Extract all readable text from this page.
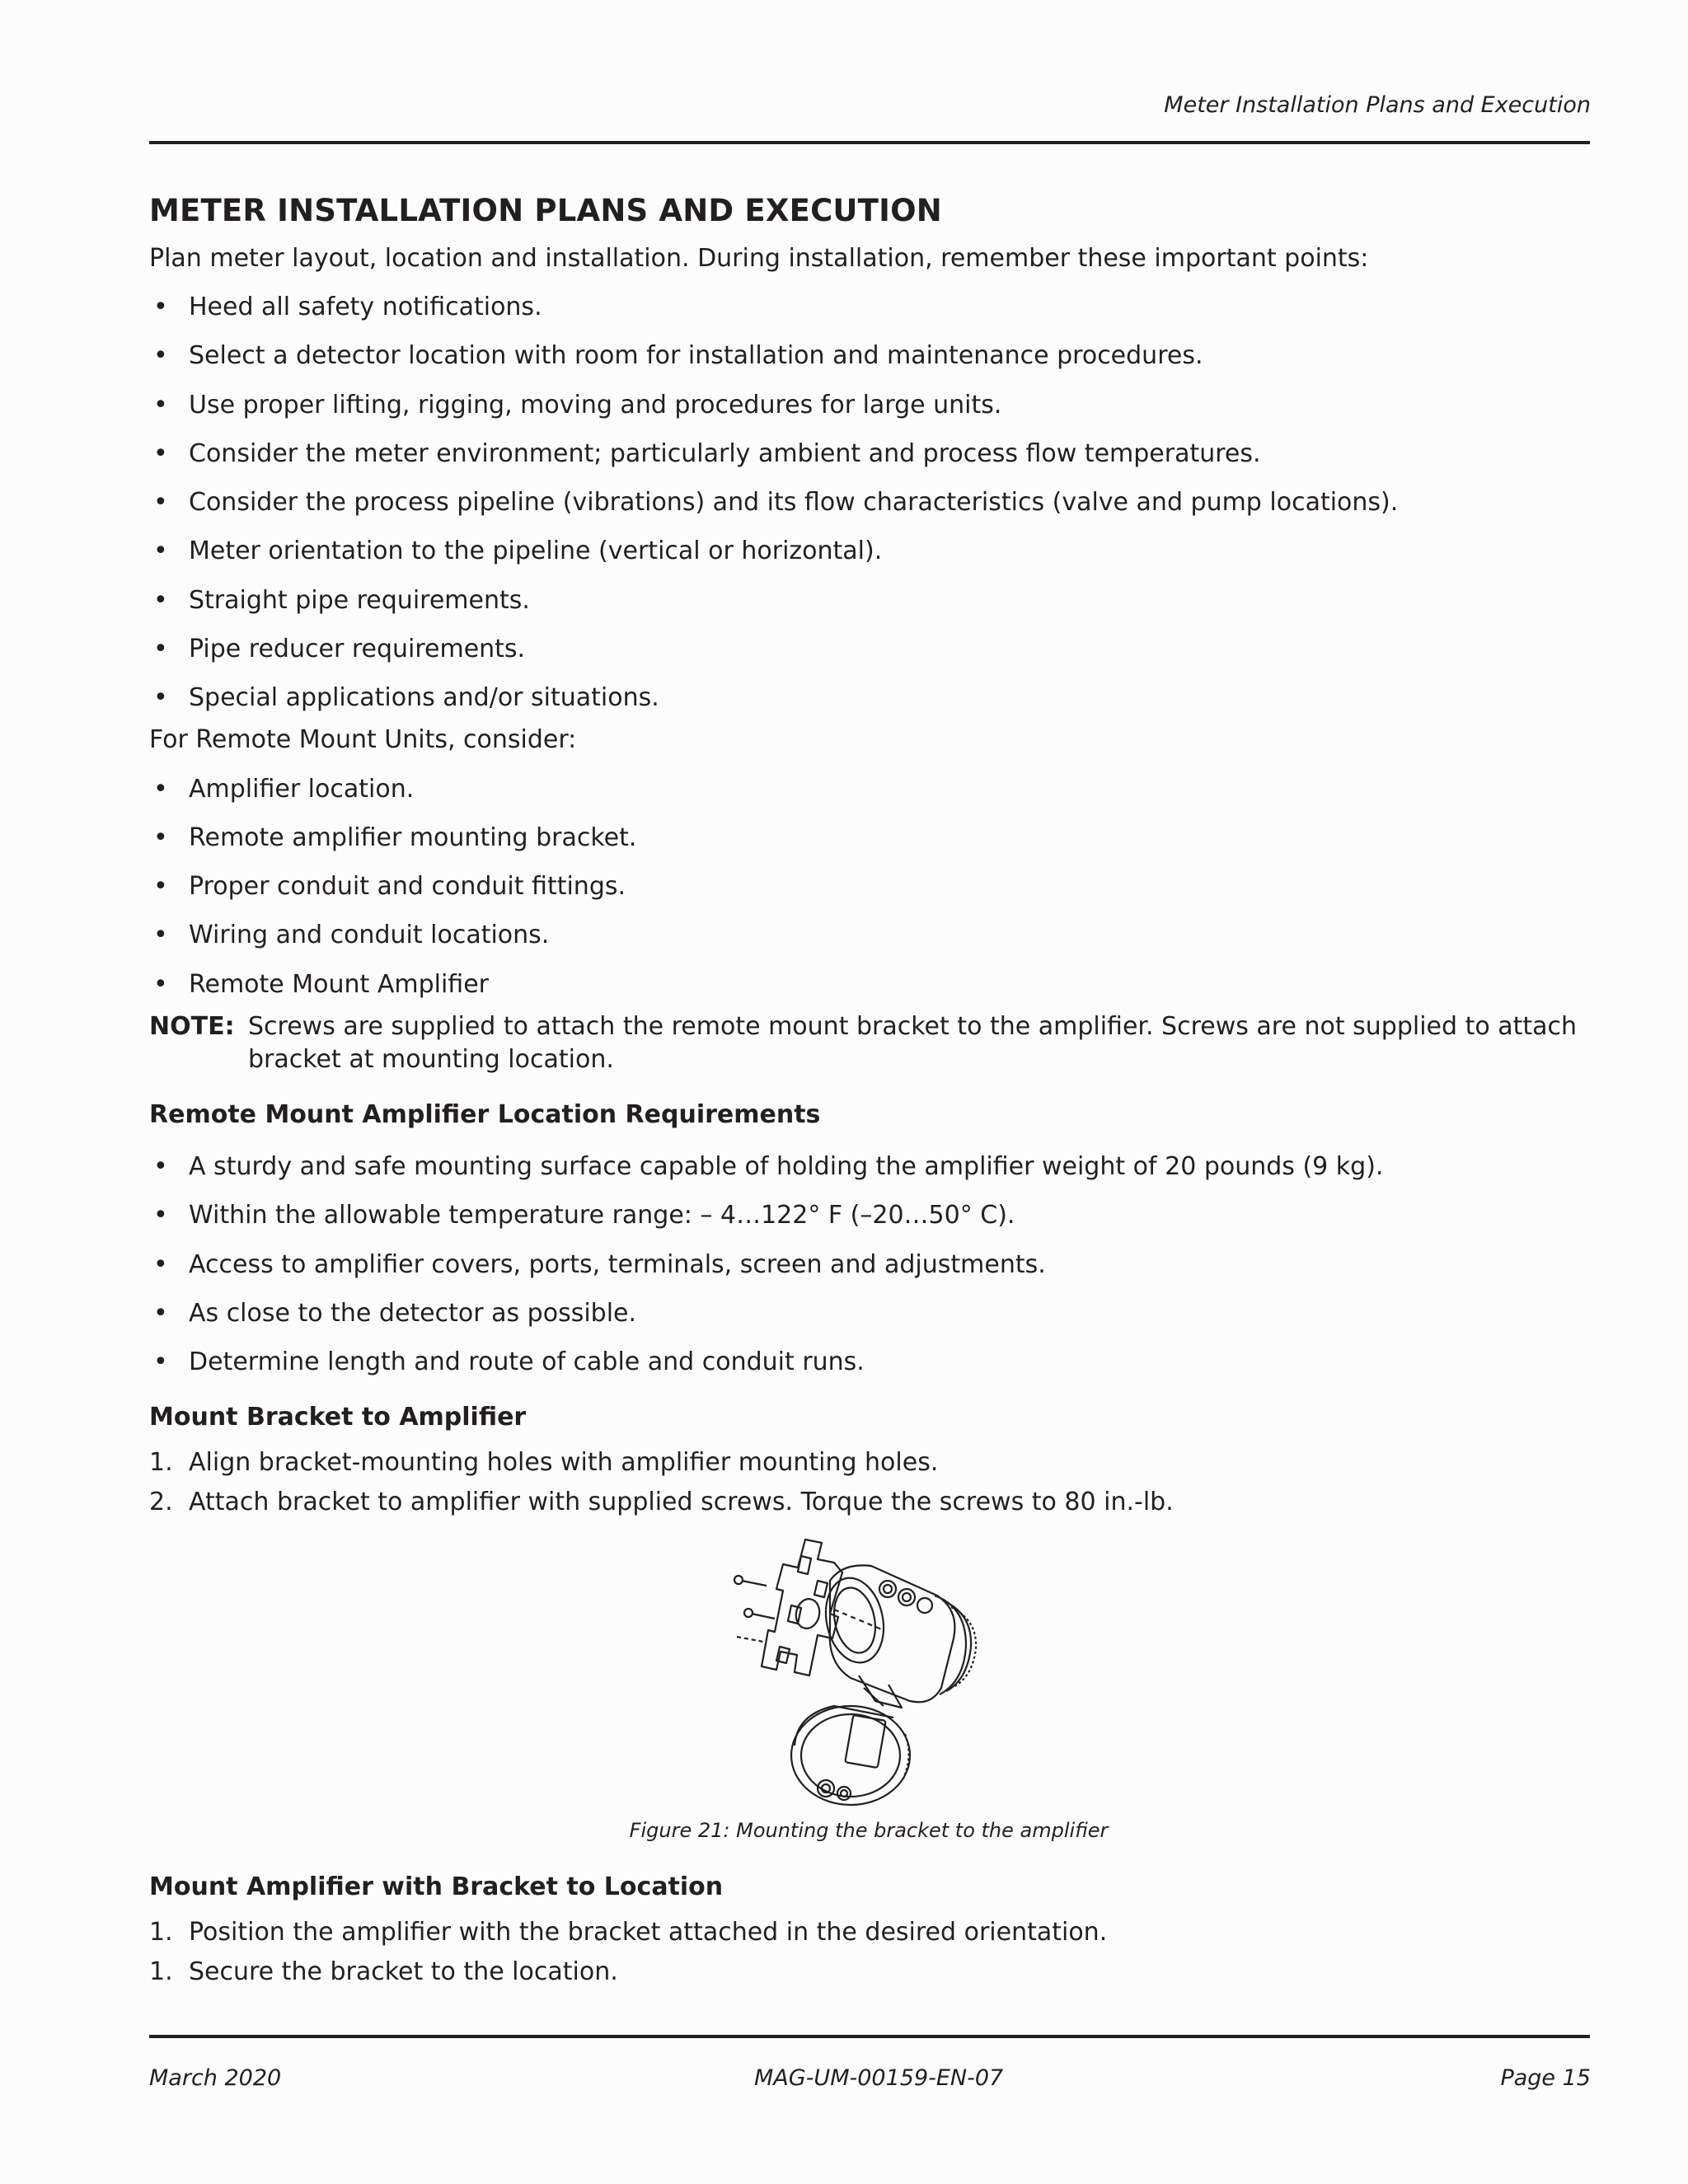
Meter Installation Plans and Execution

METER INSTALLATION PLANS AND EXECUTION

Plan meter layout, location and installation. During installation, remember these important points:

• Heed all safety notifications.
• Select a detector location with room for installation and maintenance procedures.
• Use proper lifting, rigging, moving and procedures for large units.
• Consider the meter environment; particularly ambient and process flow temperatures.
• Consider the process pipeline (vibrations) and its flow characteristics (valve and pump locations).
• Meter orientation to the pipeline (vertical or horizontal).
• Straight pipe requirements.
• Pipe reducer requirements.
• Special applications and/or situations.

For Remote Mount Units, consider:

• Amplifier location.
• Remote amplifier mounting bracket.
• Proper conduit and conduit fittings.
• Wiring and conduit locations.
• Remote Mount Amplifier

NOTE: Screws are supplied to attach the remote mount bracket to the amplifier. Screws are not supplied to attach bracket at mounting location.

Remote Mount Amplifier Location Requirements
• A sturdy and safe mounting surface capable of holding the amplifier weight of 20 pounds (9 kg).
• Within the allowable temperature range: – 4…122° F (–20…50° C).
• Access to amplifier covers, ports, terminals, screen and adjustments.
• As close to the detector as possible.
• Determine length and route of cable and conduit runs.
Mount Bracket to Amplifier
1. Align bracket-mounting holes with amplifier mounting holes.
2. Attach bracket to amplifier with supplied screws. Torque the screws to 80 in.-lb.

Figure 21: Mounting the bracket to the amplifier

Mount Amplifier with Bracket to Location
1. Position the amplifier with the bracket attached in the desired orientation.
1. Secure the bracket to the location.

March 2020	MAG-UM-00159-EN-07	Page 15
